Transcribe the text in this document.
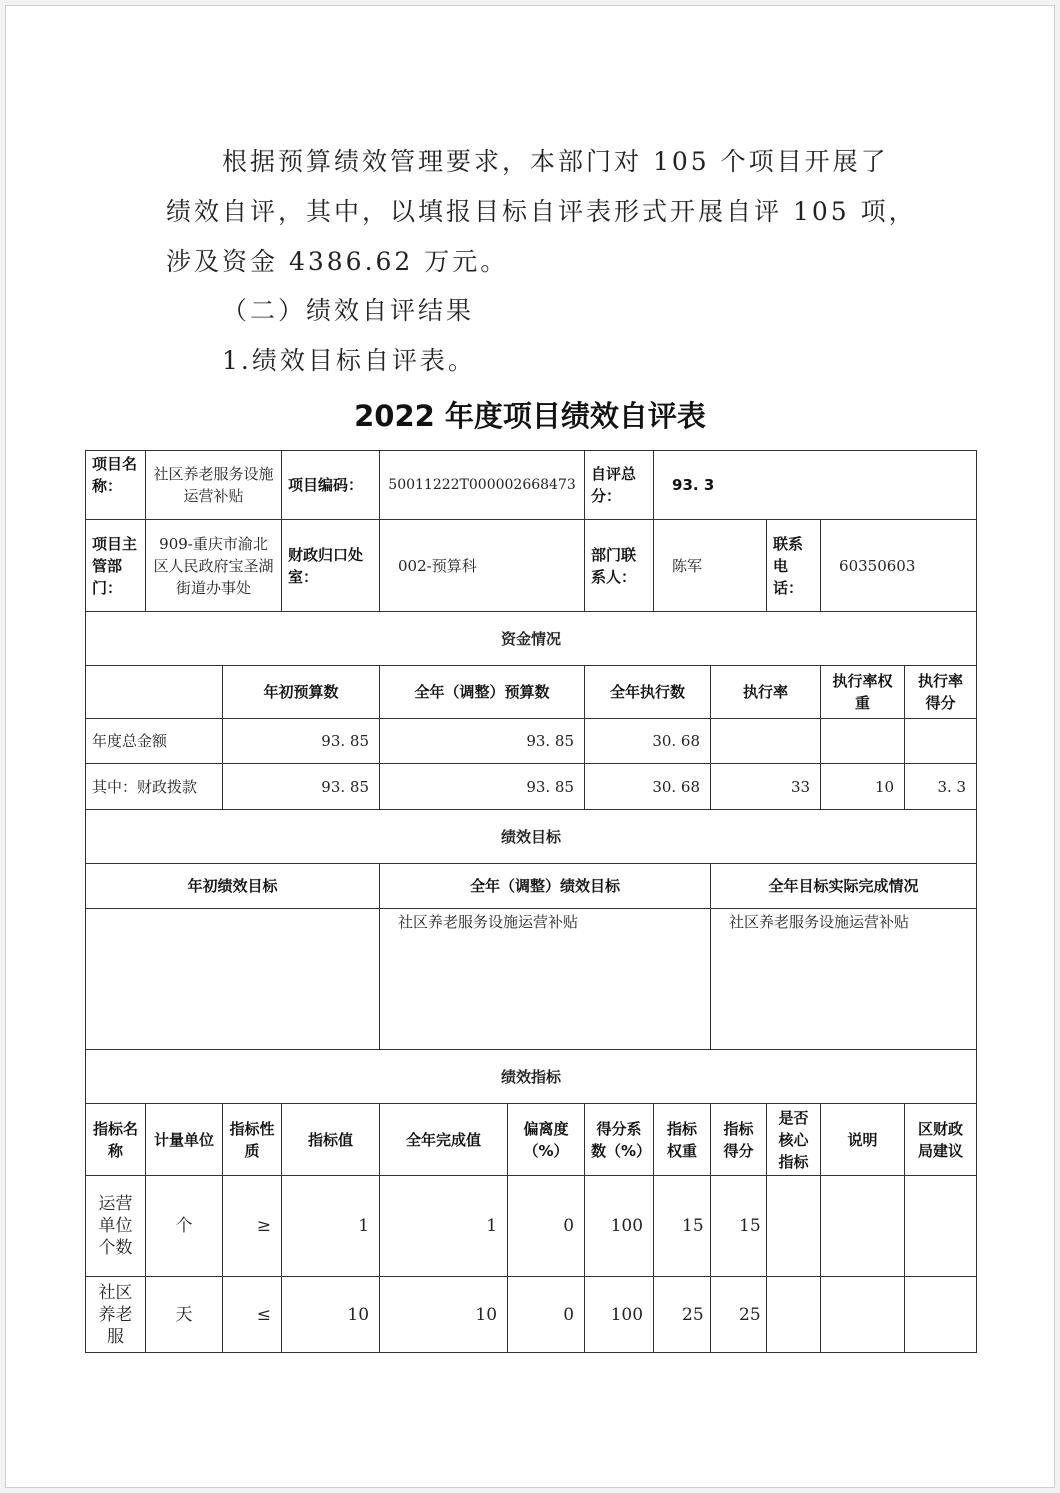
根据预算绩效管理要求，本部门对 105 个项目开展了
绩效自评，其中，以填报目标自评表形式开展自评 105 项，
涉及资金 4386.62 万元。
（二）绩效自评结果
1.绩效目标自评表。
2022 年度项目绩效自评表
项目名称：	社区养老服务设施运营补贴		项目编码：	50011222T000002668473		自评总分：	93. 3				
项目主管部门：	909-重庆市渝北区人民政府宝圣湖街道办事处		财政归口处室：	002-预算科		部门联系人：	陈军		联系电话：	60350603	
资金情况											
		年初预算数		全年（调整）预算数		全年执行数		执行率		执行率权重	执行率得分
年度总金额		93. 85		93. 85		30. 68					
其中：财政拨款		93. 85		93. 85		30. 68		33		10	3. 3
绩效目标											
年初绩效目标				全年（调整）绩效目标				全年目标实际完成情况			
				社区养老服务设施运营补贴				社区养老服务设施运营补贴			
绩效指标											
指标名称	计量单位	指标性质	指标值	全年完成值	偏离度（%）	得分系数（%）	指标权重	指标得分	是否核心指标	说明	区财政局建议
运营单位个数	个	≥	1	1	0	100	15	15			
社区养老服	天	≤	10	10	0	100	25	25			
